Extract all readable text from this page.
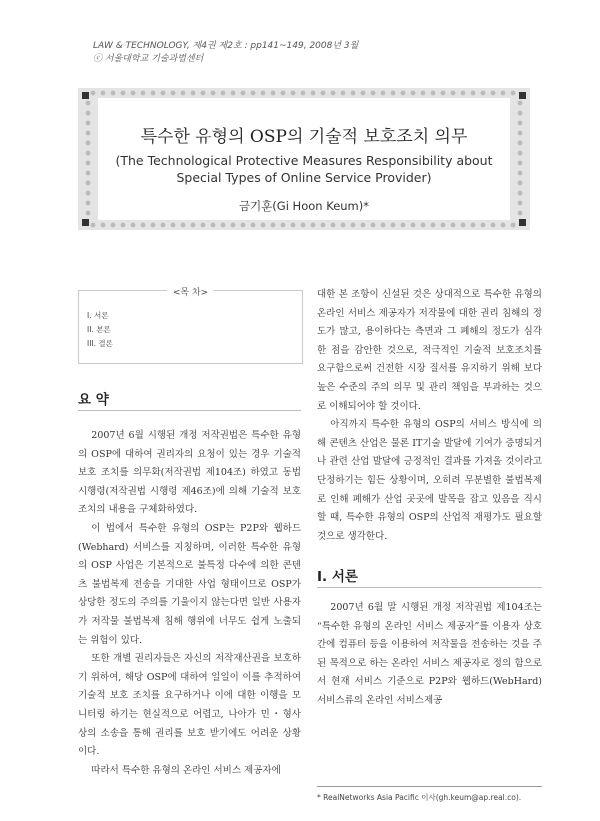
LAW & TECHNOLOGY, 제4권 제2호 : pp141~149, 2008년 3월
ⓒ 서울대학교 기술과법센터
특수한 유형의 OSP의 기술적 보호조치 의무
(The Technological Protective Measures Responsibility about
Special Types of Online Service Provider)
금기훈(Gi Hoon Keum)*
<목 차>
I. 서론
II. 본론
III. 결론
요 약

2007년 6월 시행된 개정 저작권법은 특수한 유형의 OSP에 대하여 권리자의 요청이 있는 경우 기술적 보호 조치를 의무화(저작권법 제104조) 하였고 동법 시행령(저작권법 시행령 제46조)에 의해 기술적 보호조치의 내용을 구체화하였다.

이 법에서 특수한 유형의 OSP는 P2P와 웹하드(Webhard) 서비스를 지칭하며, 이러한 특수한 유형의 OSP 사업은 기본적으로 불특정 다수에 의한 콘텐츠 불법복제 전송을 기대한 사업 형태이므로 OSP가 상당한 정도의 주의를 기울이지 않는다면 일반 사용자가 저작물 불법복제 침해 행위에 너무도 쉽게 노출되는 위험이 있다.

또한 개별 권리자들은 자신의 저작재산권을 보호하기 위하여, 해당 OSP에 대하여 일일이 이를 추적하여 기술적 보호 조치를 요구하거나 이에 대한 이행을 모니터링 하기는 현실적으로 어렵고, 나아가 민・형사 상의 소송을 통해 권리를 보호 받기에도 어려운 상황이다.

따라서 특수한 유형의 온라인 서비스 제공자에

대한 본 조항이 신설된 것은 상대적으로 특수한 유형의 온라인 서비스 제공자가 저작물에 대한 권리 침해의 정도가 많고, 용이하다는 측면과 그 폐해의 정도가 심각한 점을 감안한 것으로, 적극적인 기술적 보호조치를 요구함으로써 건전한 시장 질서를 유지하기 위해 보다 높은 수준의 주의 의무 및 관리 책임을 부과하는 것으로 이해되어야 할 것이다.

아직까지 특수한 유형의 OSP의 서비스 방식에 의해 콘텐츠 산업은 물론 IT기술 발달에 기여가 증명되거나 관련 산업 발달에 긍정적인 결과를 가져올 것이라고 단정하기는 힘든 상황이며, 오히려 무분별한 불법복제로 인해 폐해가 산업 곳곳에 발목을 잡고 있음을 직시할 때, 특수한 유형의 OSP의 산업적 재평가도 필요할 것으로 생각한다.

I. 서론

2007년 6월 말 시행된 개정 저작권법 제104조는 “특수한 유형의 온라인 서비스 제공자”를 이용자 상호간에 컴퓨터 등을 이용하여 저작물을 전송하는 것을 주된 목적으로 하는 온라인 서비스 제공자로 정의 함으로서 현재 서비스 기준으로 P2P와 웹하드(WebHard) 서비스류의 온라인 서비스제공

* RealNetworks Asia Pacific 이사(gh.keum@ap.real.co).
